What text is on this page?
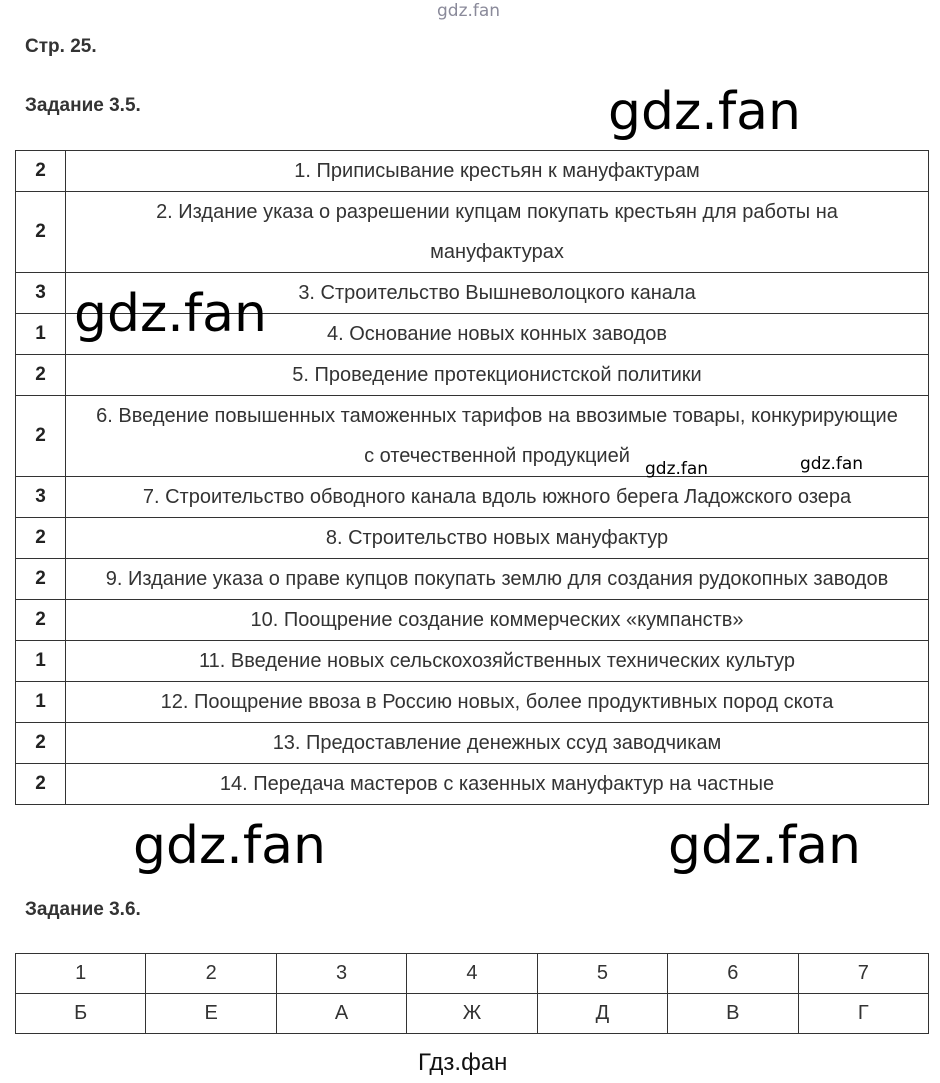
gdz.fan
Стр. 25.
Задание 3.5.
2	1. Приписывание крестьян к мануфактурам
2	2. Издание указа о разрешении купцам покупать крестьян для работы на мануфактурах
3	3. Строительство Вышневолоцкого канала
1	4. Основание новых конных заводов
2	5. Проведение протекционистской политики
2	6. Введение повышенных таможенных тарифов на ввозимые товары, конкурирующие с отечественной продукцией
3	7. Строительство обводного канала вдоль южного берега Ладожского озера
2	8. Строительство новых мануфактур
2	9. Издание указа о праве купцов покупать землю для создания рудокопных заводов
2	10. Поощрение создание коммерческих «кумпанств»
1	11. Введение новых сельскохозяйственных технических культур
1	12. Поощрение ввоза в Россию новых, более продуктивных пород скота
2	13. Предоставление денежных ссуд заводчикам
2	14. Передача мастеров с казенных мануфактур на частные
Задание 3.6.
1	2	3	4	5	6	7
Б	Е	А	Ж	Д	В	Г
gdz.fan
gdz.fan
gdz.fan	gdz.fan
gdz.fan	gdz.fan
Гдз.фан
